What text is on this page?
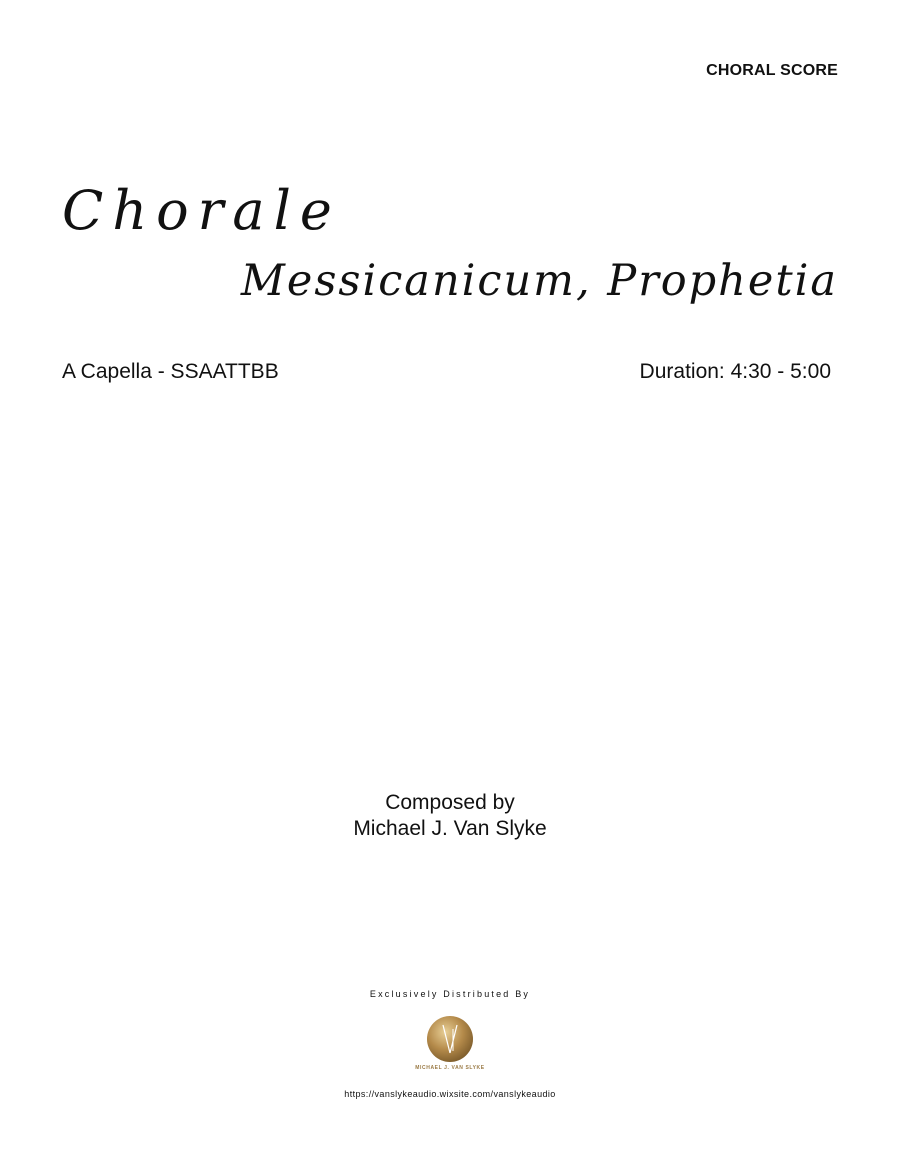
CHORAL SCORE
Chorale
Messicanicum, Prophetia
A Capella - SSAATTBB	Duration: 4:30 - 5:00
Composed by
Michael J. Van Slyke
Exclusively Distributed By
MICHAEL J. VAN SLYKE
https://vanslykeaudio.wixsite.com/vanslykeaudio
